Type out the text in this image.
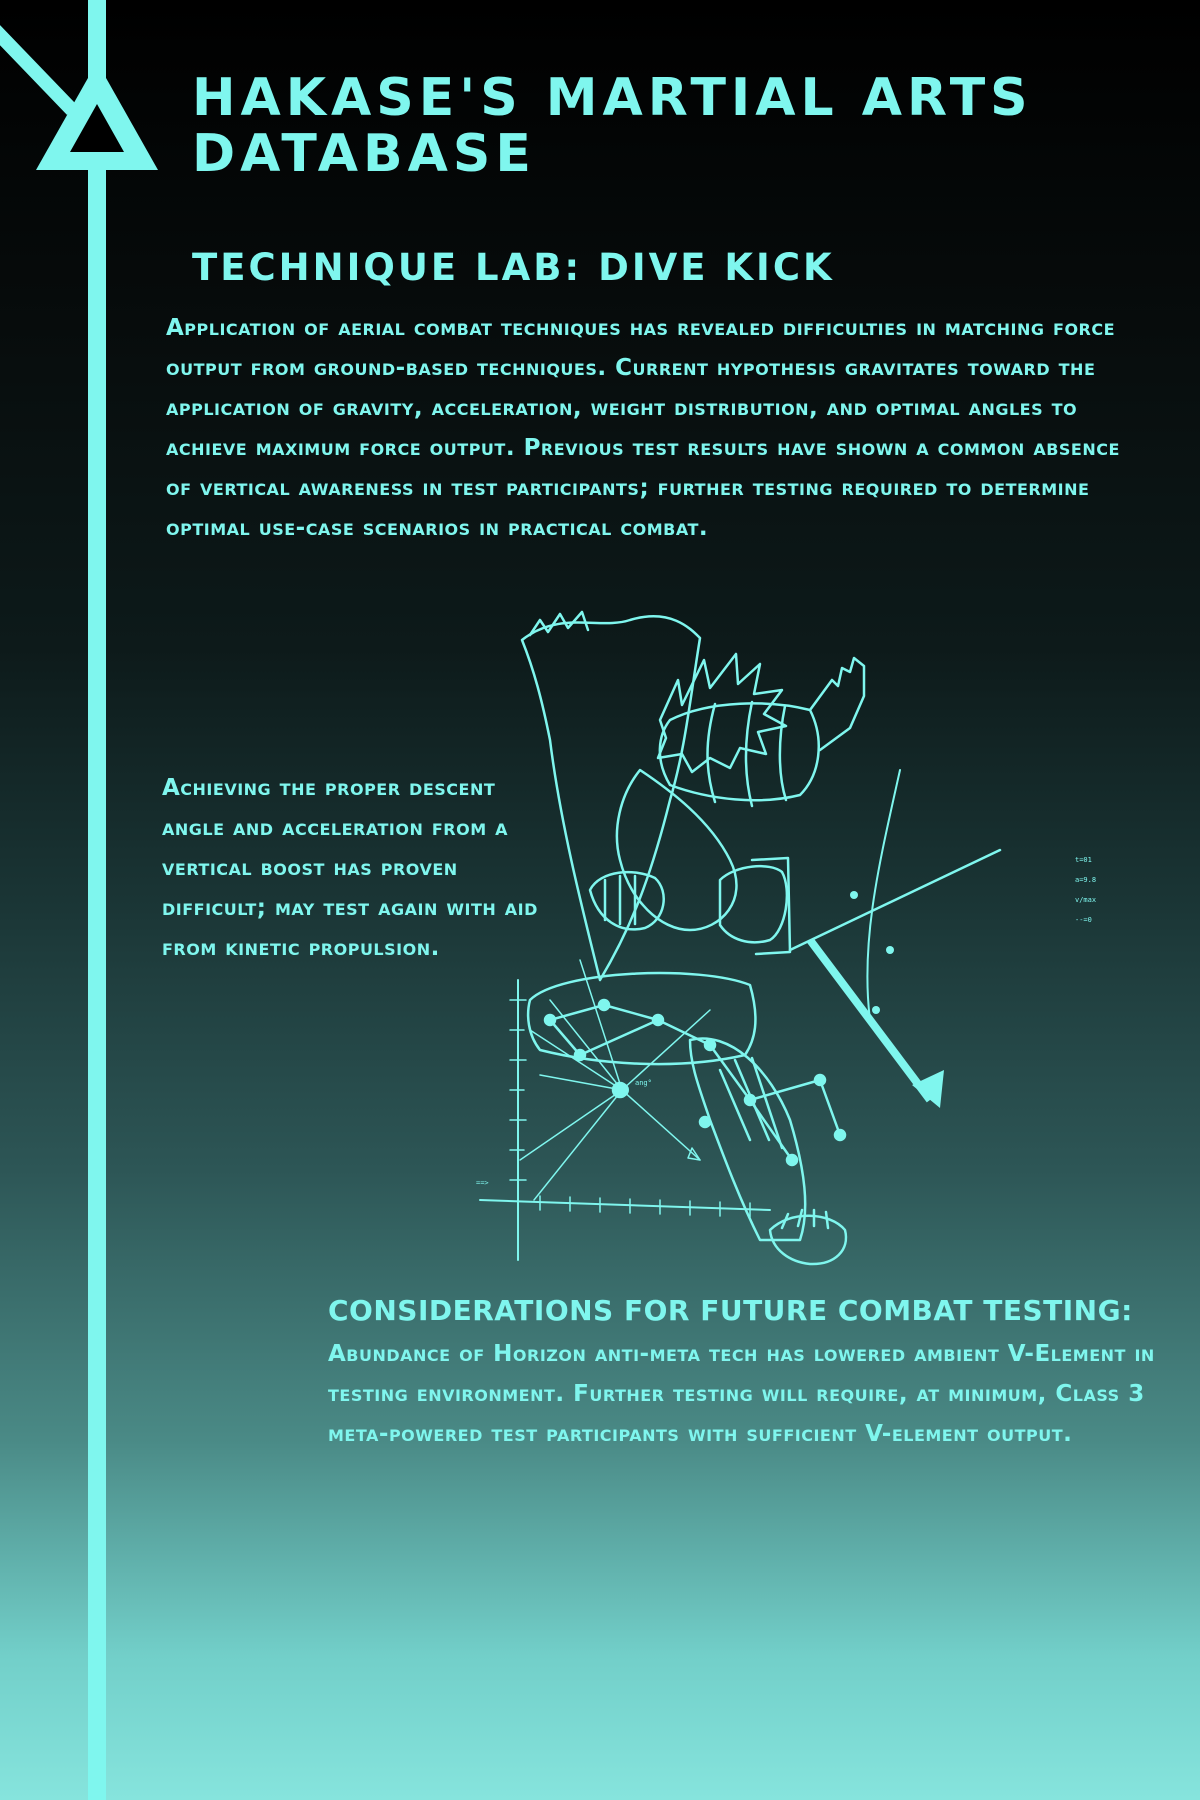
HAKASE'S MARTIAL ARTS DATABASE
TECHNIQUE LAB: DIVE KICK

Application of aerial combat techniques has revealed difficulties in matching force output from ground-based techniques. Current hypothesis gravitates toward the application of gravity, acceleration, weight distribution, and optimal angles to achieve maximum force output. Previous test results have shown a common absence of vertical awareness in test participants; further testing required to determine optimal use-case scenarios in practical combat.

Achieving the proper descent angle and acceleration from a vertical boost has proven difficult; may test again with aid from kinetic propulsion.

==>
ang°
t=01
a=9.8
v/max
--=0
CONSIDERATIONS FOR FUTURE COMBAT TESTING:

Abundance of Horizon anti-meta tech has lowered ambient V-Element in testing environment. Further testing will require, at minimum, Class 3 meta-powered test participants with sufficient V-element output.
